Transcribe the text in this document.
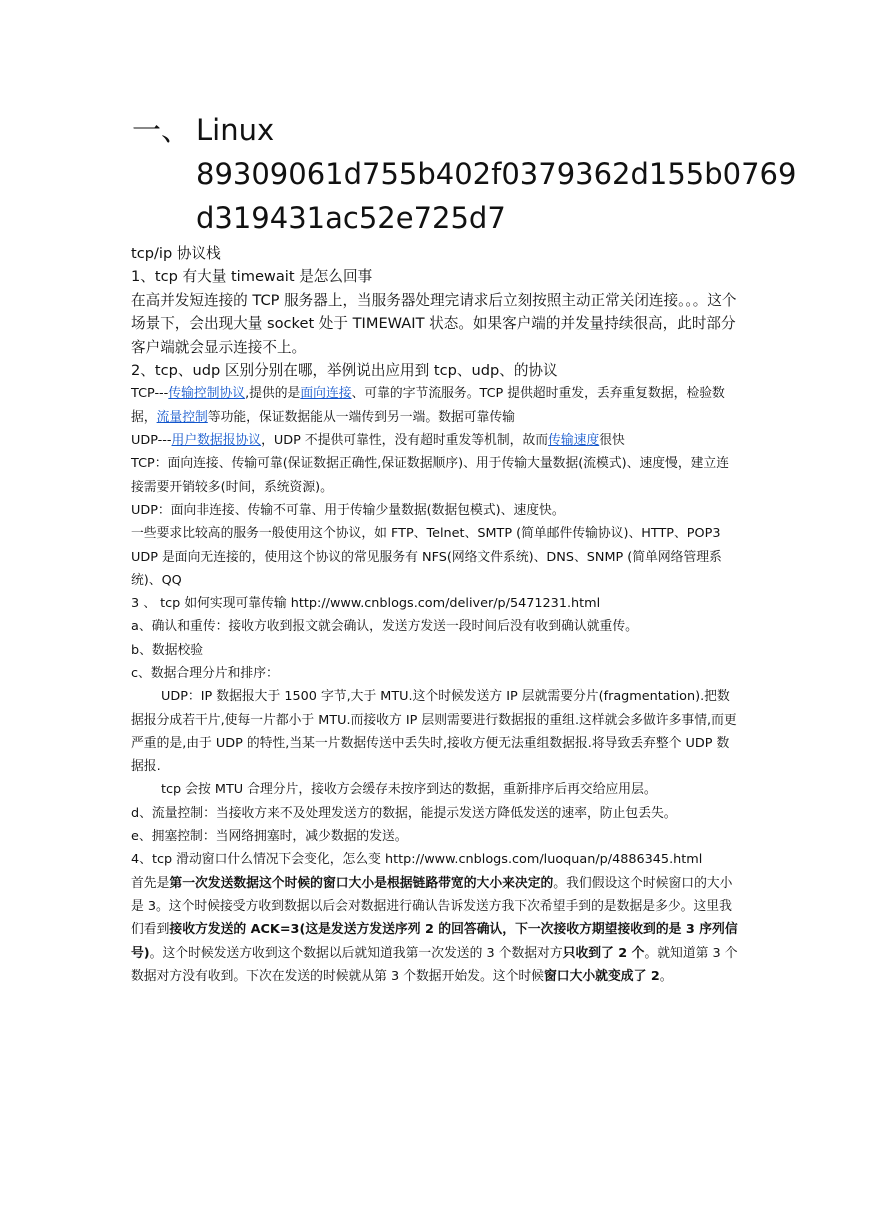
一、 Linux
89309061d755b402f0379362d155b0769
d319431ac52e725d7

tcp/ip 协议栈

1、tcp 有大量 timewait 是怎么回事

在高并发短连接的 TCP 服务器上，当服务器处理完请求后立刻按照主动正常关闭连接。。。这个场景下，会出现大量 socket 处于 TIMEWAIT 状态。如果客户端的并发量持续很高，此时部分客户端就会显示连接不上。

2、tcp、udp 区别分别在哪，举例说出应用到 tcp、udp、的协议

TCP---传输控制协议,提供的是面向连接、可靠的字节流服务。TCP 提供超时重发，丢弃重复数据，检验数据，流量控制等功能，保证数据能从一端传到另一端。数据可靠传输

UDP---用户数据报协议，UDP 不提供可靠性，没有超时重发等机制，故而传输速度很快

TCP：面向连接、传输可靠(保证数据正确性,保证数据顺序)、用于传输大量数据(流模式)、速度慢，建立连接需要开销较多(时间，系统资源)。

UDP：面向非连接、传输不可靠、用于传输少量数据(数据包模式)、速度快。

一些要求比较高的服务一般使用这个协议，如 FTP、Telnet、SMTP (简单邮件传输协议)、HTTP、POP3

UDP 是面向无连接的，使用这个协议的常见服务有 NFS(网络文件系统)、DNS、SNMP (简单网络管理系统)、QQ

3 、 tcp 如何实现可靠传输 http://www.cnblogs.com/deliver/p/5471231.html

a、确认和重传：接收方收到报文就会确认，发送方发送一段时间后没有收到确认就重传。

b、数据校验

c、数据合理分片和排序：

UDP：IP 数据报大于 1500 字节,大于 MTU.这个时候发送方 IP 层就需要分片(fragmentation).把数据报分成若干片,使每一片都小于 MTU.而接收方 IP 层则需要进行数据报的重组.这样就会多做许多事情,而更严重的是,由于 UDP 的特性,当某一片数据传送中丢失时,接收方便无法重组数据报.将导致丢弃整个 UDP 数据报.

tcp 会按 MTU 合理分片，接收方会缓存未按序到达的数据，重新排序后再交给应用层。

d、流量控制：当接收方来不及处理发送方的数据，能提示发送方降低发送的速率，防止包丢失。

e、拥塞控制：当网络拥塞时，减少数据的发送。

4、tcp 滑动窗口什么情况下会变化，怎么变 http://www.cnblogs.com/luoquan/p/4886345.html

首先是第一次发送数据这个时候的窗口大小是根据链路带宽的大小来决定的。我们假设这个时候窗口的大小是 3。这个时候接受方收到数据以后会对数据进行确认告诉发送方我下次希望手到的是数据是多少。这里我们看到接收方发送的 ACK=3(这是发送方发送序列 2 的回答确认，下一次接收方期望接收到的是 3 序列信号)。这个时候发送方收到这个数据以后就知道我第一次发送的 3 个数据对方只收到了 2 个。就知道第 3 个数据对方没有收到。下次在发送的时候就从第 3 个数据开始发。这个时候窗口大小就变成了 2。
